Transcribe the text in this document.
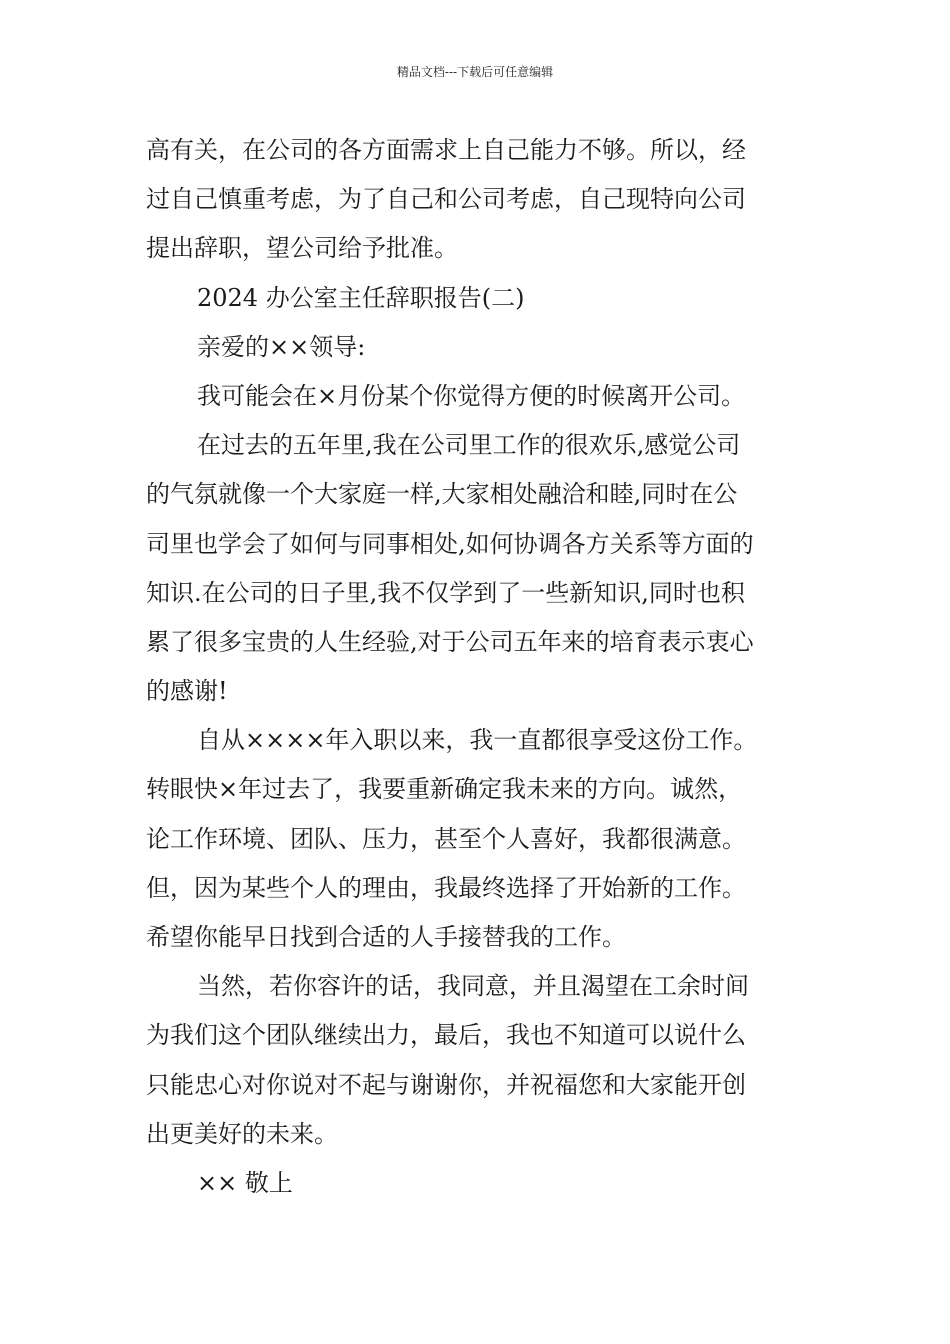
精品文档---下载后可任意编辑
高有关，在公司的各方面需求上自己能力不够。所以，经
过自己慎重考虑，为了自己和公司考虑，自己现特向公司
提出辞职，望公司给予批准。
2024 办公室主任辞职报告(二)
亲爱的××领导:
我可能会在×月份某个你觉得方便的时候离开公司。
在过去的五年里,我在公司里工作的很欢乐,感觉公司
的气氛就像一个大家庭一样,大家相处融洽和睦,同时在公
司里也学会了如何与同事相处,如何协调各方关系等方面的
知识.在公司的日子里,我不仅学到了一些新知识,同时也积
累了很多宝贵的人生经验,对于公司五年来的培育表示衷心
的感谢!
自从××××年入职以来，我一直都很享受这份工作。
转眼快×年过去了，我要重新确定我未来的方向。诚然，
论工作环境、团队、压力，甚至个人喜好，我都很满意。
但，因为某些个人的理由，我最终选择了开始新的工作。
希望你能早日找到合适的人手接替我的工作。
当然，若你容许的话，我同意，并且渴望在工余时间
为我们这个团队继续出力，最后，我也不知道可以说什么
只能忠心对你说对不起与谢谢你，并祝福您和大家能开创
出更美好的未来。
×× 敬上
